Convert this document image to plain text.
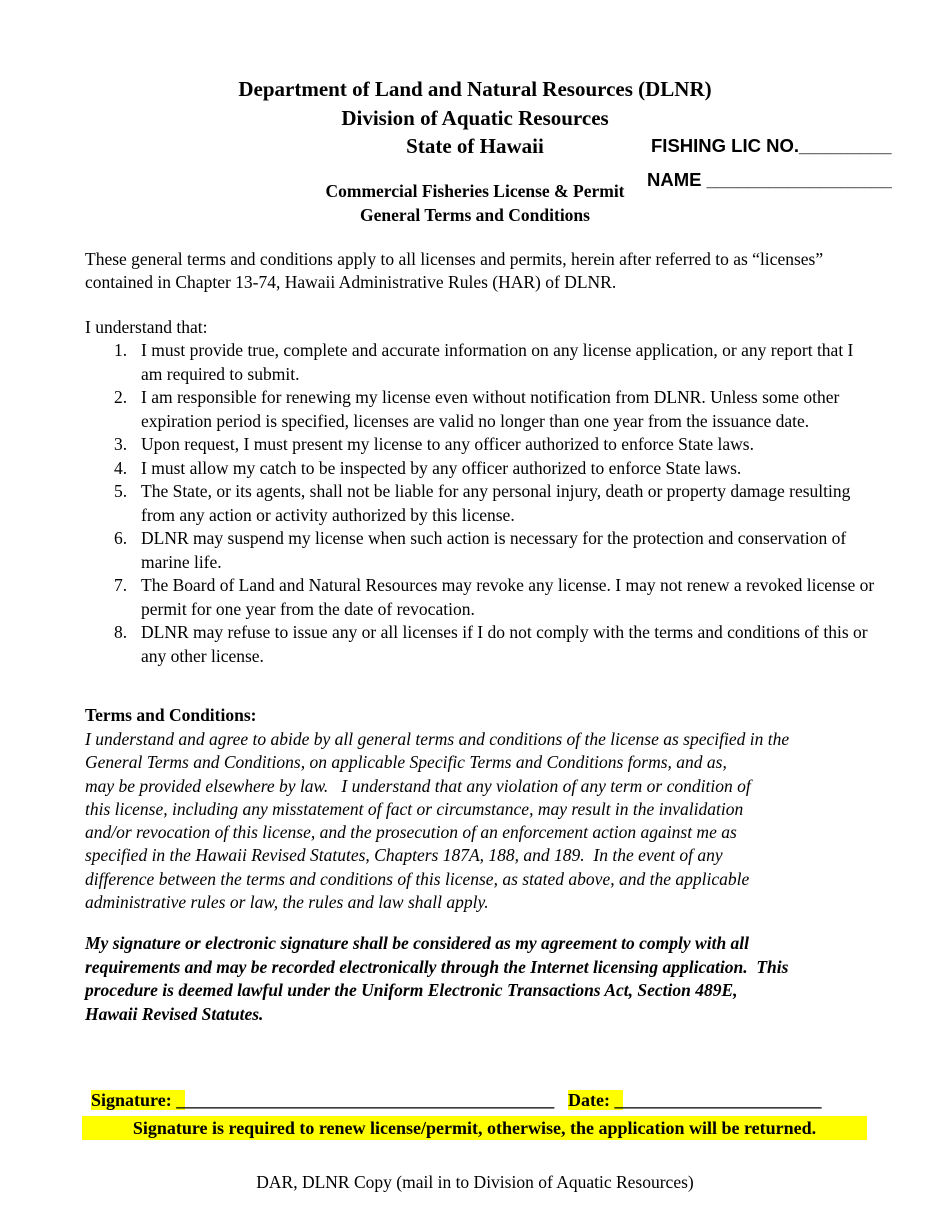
Department of Land and Natural Resources (DLNR)
Division of Aquatic Resources
State of Hawaii	FISHING LIC NO._________
NAME __________________
Commercial Fisheries License & Permit
General Terms and Conditions
These general terms and conditions apply to all licenses and permits, herein after referred to as “licenses” contained in Chapter 13-74, Hawaii Administrative Rules (HAR) of DLNR.
I understand that:
1. I must provide true, complete and accurate information on any license application, or any report that I am required to submit.
2. I am responsible for renewing my license even without notification from DLNR. Unless some other expiration period is specified, licenses are valid no longer than one year from the issuance date.
3. Upon request, I must present my license to any officer authorized to enforce State laws.
4. I must allow my catch to be inspected by any officer authorized to enforce State laws.
5. The State, or its agents, shall not be liable for any personal injury, death or property damage resulting from any action or activity authorized by this license.
6. DLNR may suspend my license when such action is necessary for the protection and conservation of marine life.
7. The Board of Land and Natural Resources may revoke any license. I may not renew a revoked license or permit for one year from the date of revocation.
8. DLNR may refuse to issue any or all licenses if I do not comply with the terms and conditions of this or any other license.
Terms and Conditions:
I understand and agree to abide by all general terms and conditions of the license as specified in the
General Terms and Conditions, on applicable Specific Terms and Conditions forms, and as,
may be provided elsewhere by law.   I understand that any violation of any term or condition of
this license, including any misstatement of fact or circumstance, may result in the invalidation
and/or revocation of this license, and the prosecution of an enforcement action against me as
specified in the Hawaii Revised Statutes, Chapters 187A, 188, and 189.  In the event of any
difference between the terms and conditions of this license, as stated above, and the applicable
administrative rules or law, the rules and law shall apply.
My signature or electronic signature shall be considered as my agreement to comply with all
requirements and may be recorded electronically through the Internet licensing application.  This
procedure is deemed lawful under the Uniform Electronic Transactions Act, Section 489E,
Hawaii Revised Statutes.

Signature: __________________________________________ Date: _______________________

Signature is required to renew license/permit, otherwise, the application will be returned.
DAR, DLNR Copy (mail in to Division of Aquatic Resources)
